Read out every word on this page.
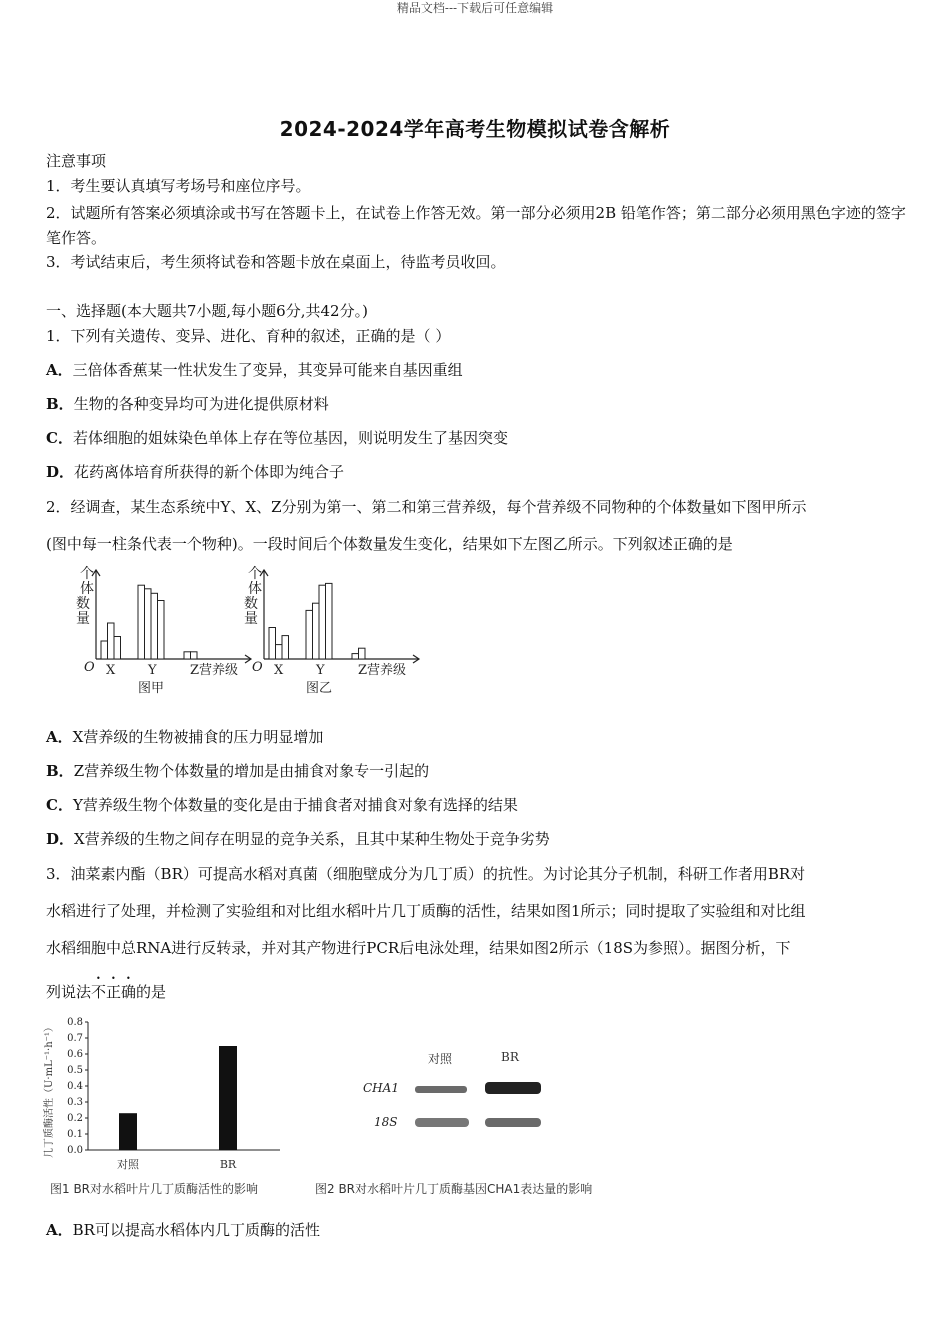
精品文档---下载后可任意编辑
2024-2024学年高考生物模拟试卷含解析
注意事项
1．考生要认真填写考场号和座位序号。
2．试题所有答案必须填涂或书写在答题卡上，在试卷上作答无效。第一部分必须用2B 铅笔作答；第二部分必须用黑色字迹的签字笔作答。
3．考试结束后，考生须将试卷和答题卡放在桌面上，待监考员收回。
一、选择题(本大题共7小题,每小题6分,共42分。)
1．下列有关遗传、变异、进化、育种的叙述，正确的是（ ）
A．三倍体香蕉某一性状发生了变异，其变异可能来自基因重组
B．生物的各种变异均可为进化提供原材料
C．若体细胞的姐妹染色单体上存在等位基因，则说明发生了基因突变
D．花药离体培育所获得的新个体即为纯合子
2．经调查，某生态系统中Y、X、Z分别为第一、第二和第三营养级，每个营养级不同物种的个体数量如下图甲所示
(图中每一柱条代表一个物种)。一段时间后个体数量发生变化，结果如下左图乙所示。下列叙述正确的是
个
体
数
量
O X	Y	Z营养级
图甲
个
体
数
量
O X	Y	Z营养级
图乙
A．X营养级的生物被捕食的压力明显增加
B．Z营养级生物个体数量的增加是由捕食对象专一引起的
C．Y营养级生物个体数量的变化是由于捕食者对捕食对象有选择的结果
D．X营养级的生物之间存在明显的竞争关系，且其中某种生物处于竞争劣势
3．油菜素内酯（BR）可提高水稻对真菌（细胞壁成分为几丁质）的抗性。为讨论其分子机制，科研工作者用BR对
水稻进行了处理，并检测了实验组和对比组水稻叶片几丁质酶的活性，结果如图1所示；同时提取了实验组和对比组
水稻细胞中总RNA进行反转录，并对其产物进行PCR后电泳处理，结果如图2所示（18S为参照）。据图分析，下
列说法不正确的是
0.0
0.1
0.2
0.3
0.4
0.5
0.6
0.7
0.8
对照	BR
几丁质酶活性（U·mL⁻¹·h⁻¹）	对照	BR
CHA1
18S
图1 BR对水稻叶片几丁质酶活性的影响	图2 BR对水稻叶片几丁质酶基因CHA1表达量的影响
A．BR可以提高水稻体内几丁质酶的活性
